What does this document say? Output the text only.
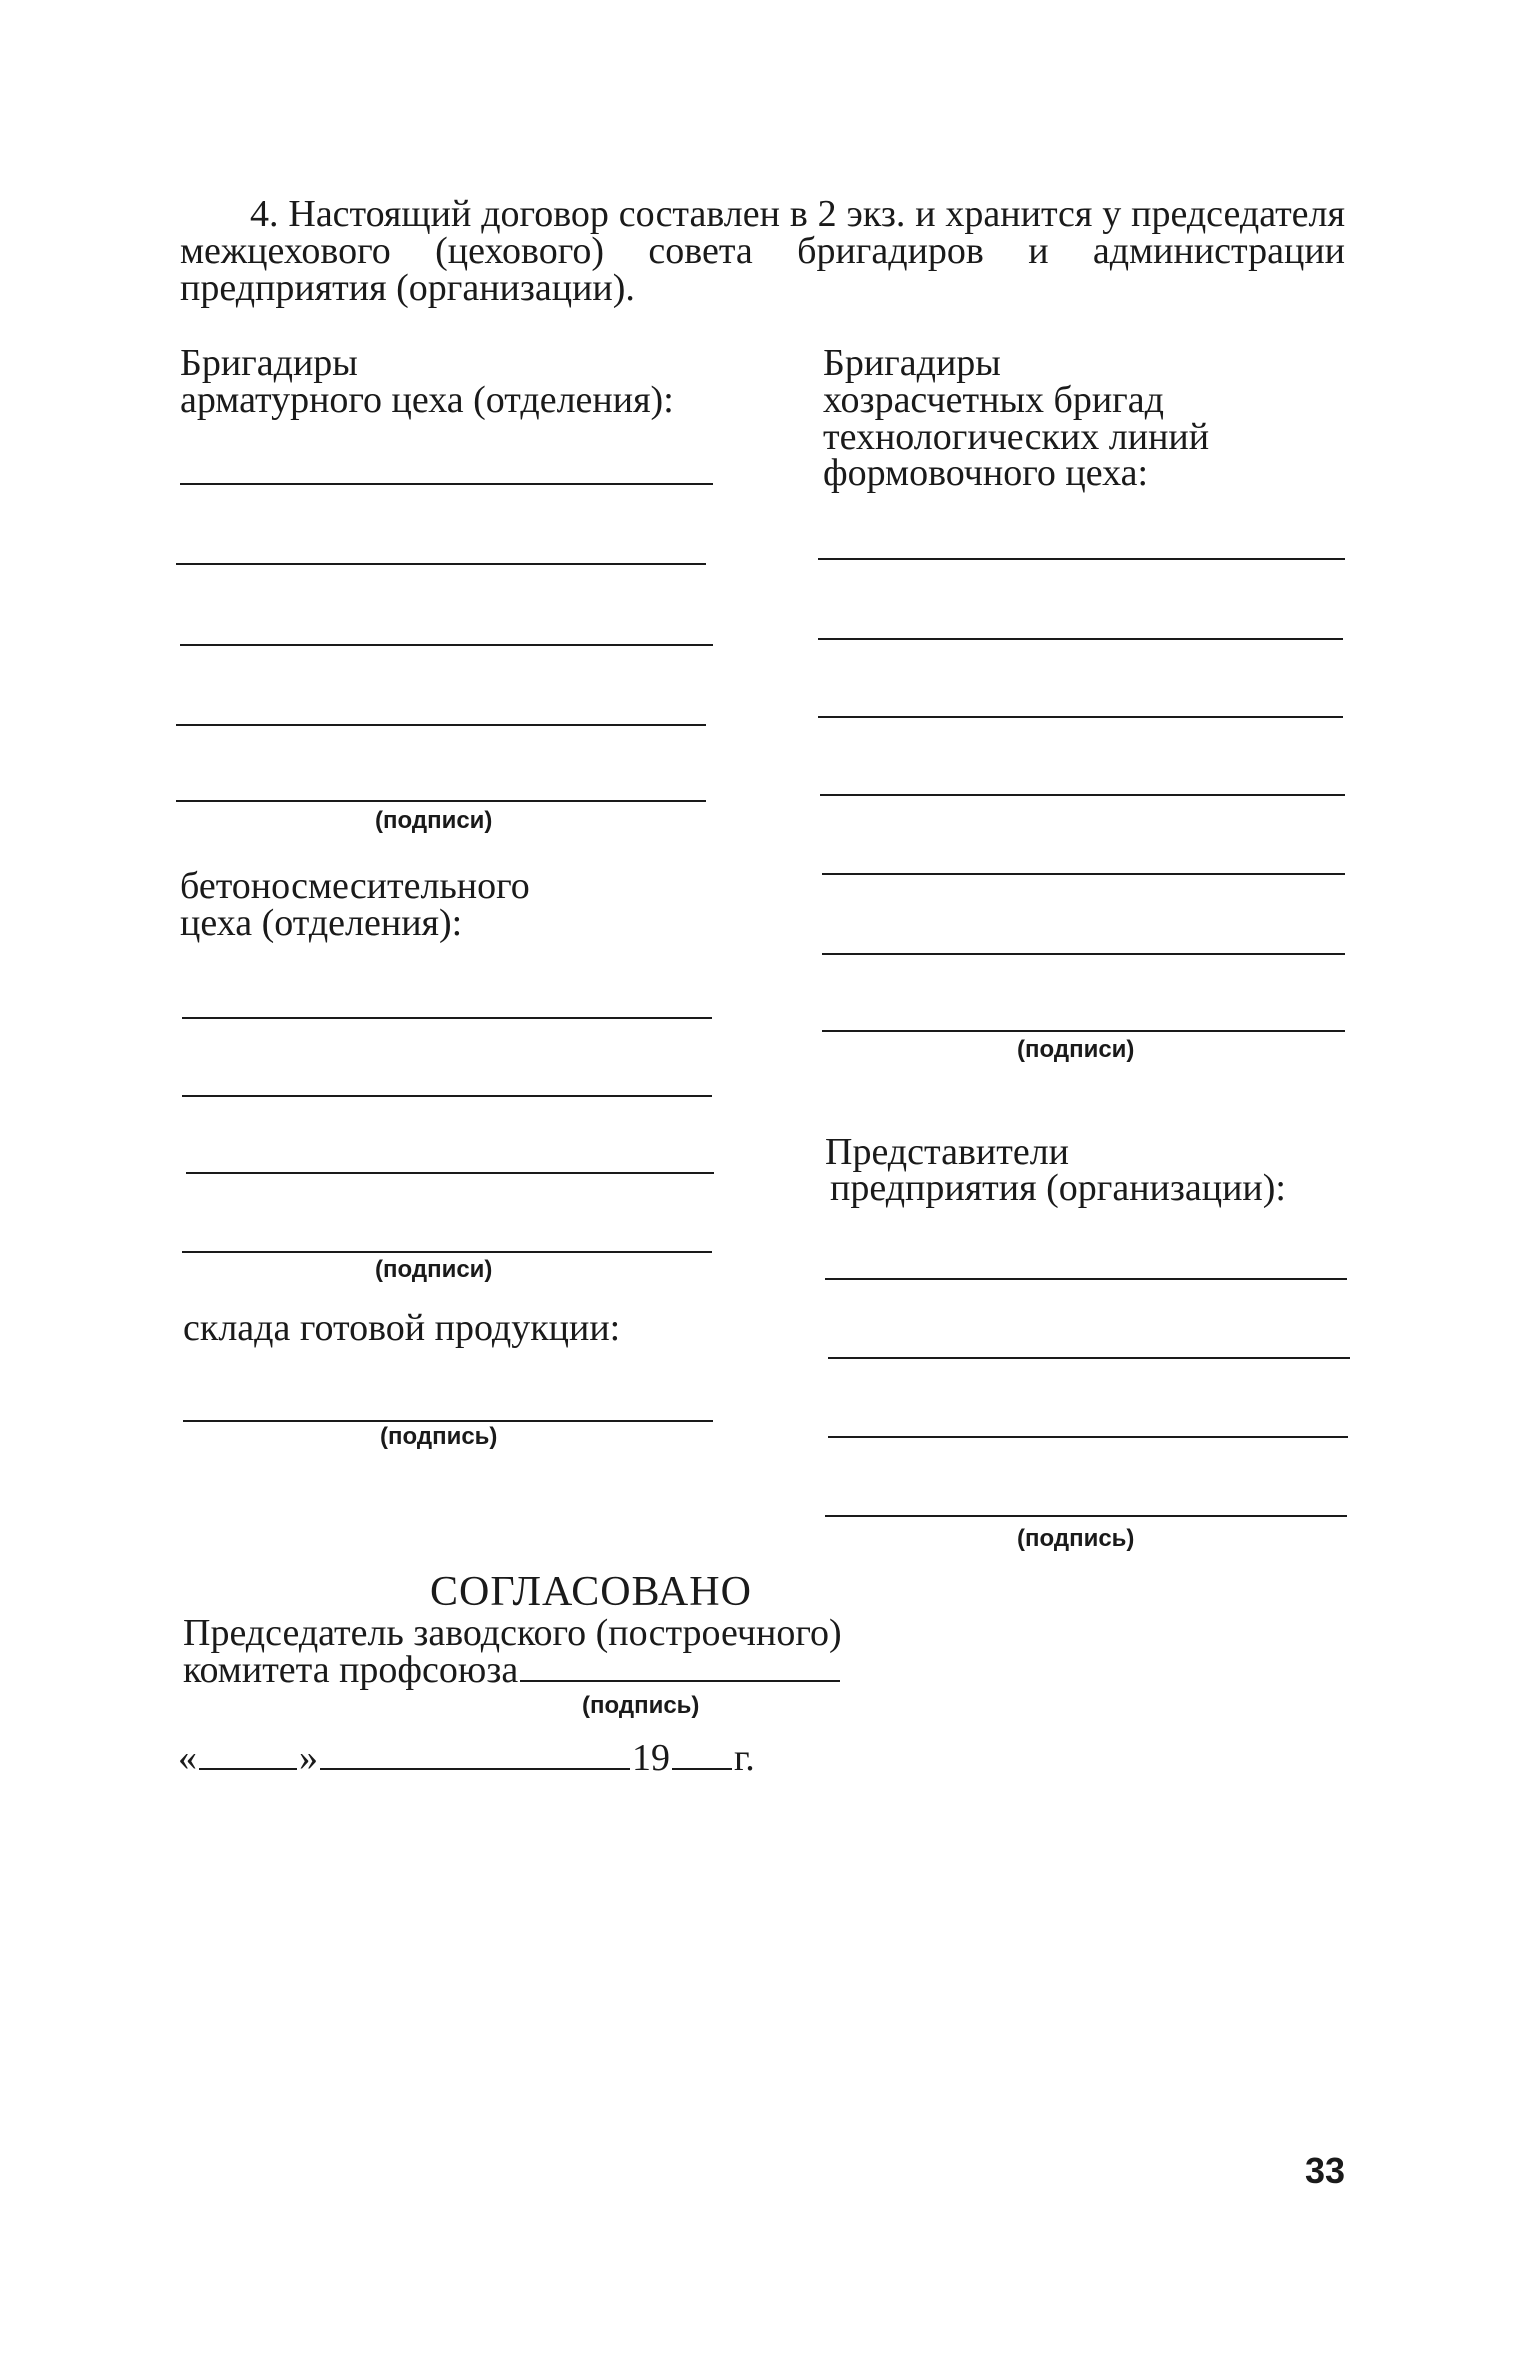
4. Настоящий договор составлен в 2 экз. и хранится у председателя межцехового (цехового) совета бригадиров и администрации предприятия (организации).
Бригадиры
арматурного цеха (отделения):
(подписи)
бетоносмесительного
цеха (отделения):
(подписи)
склада готовой продукции:
(подпись)
Бригадиры
хозрасчетных бригад
технологических линий
формовочного цеха:
(подписи)
Представители
предприятия (организации):
(подпись)
СОГЛАСОВАНО
Председатель заводского (построечного)
комитета профсоюза
(подпись)
«	»	19 г.
33
